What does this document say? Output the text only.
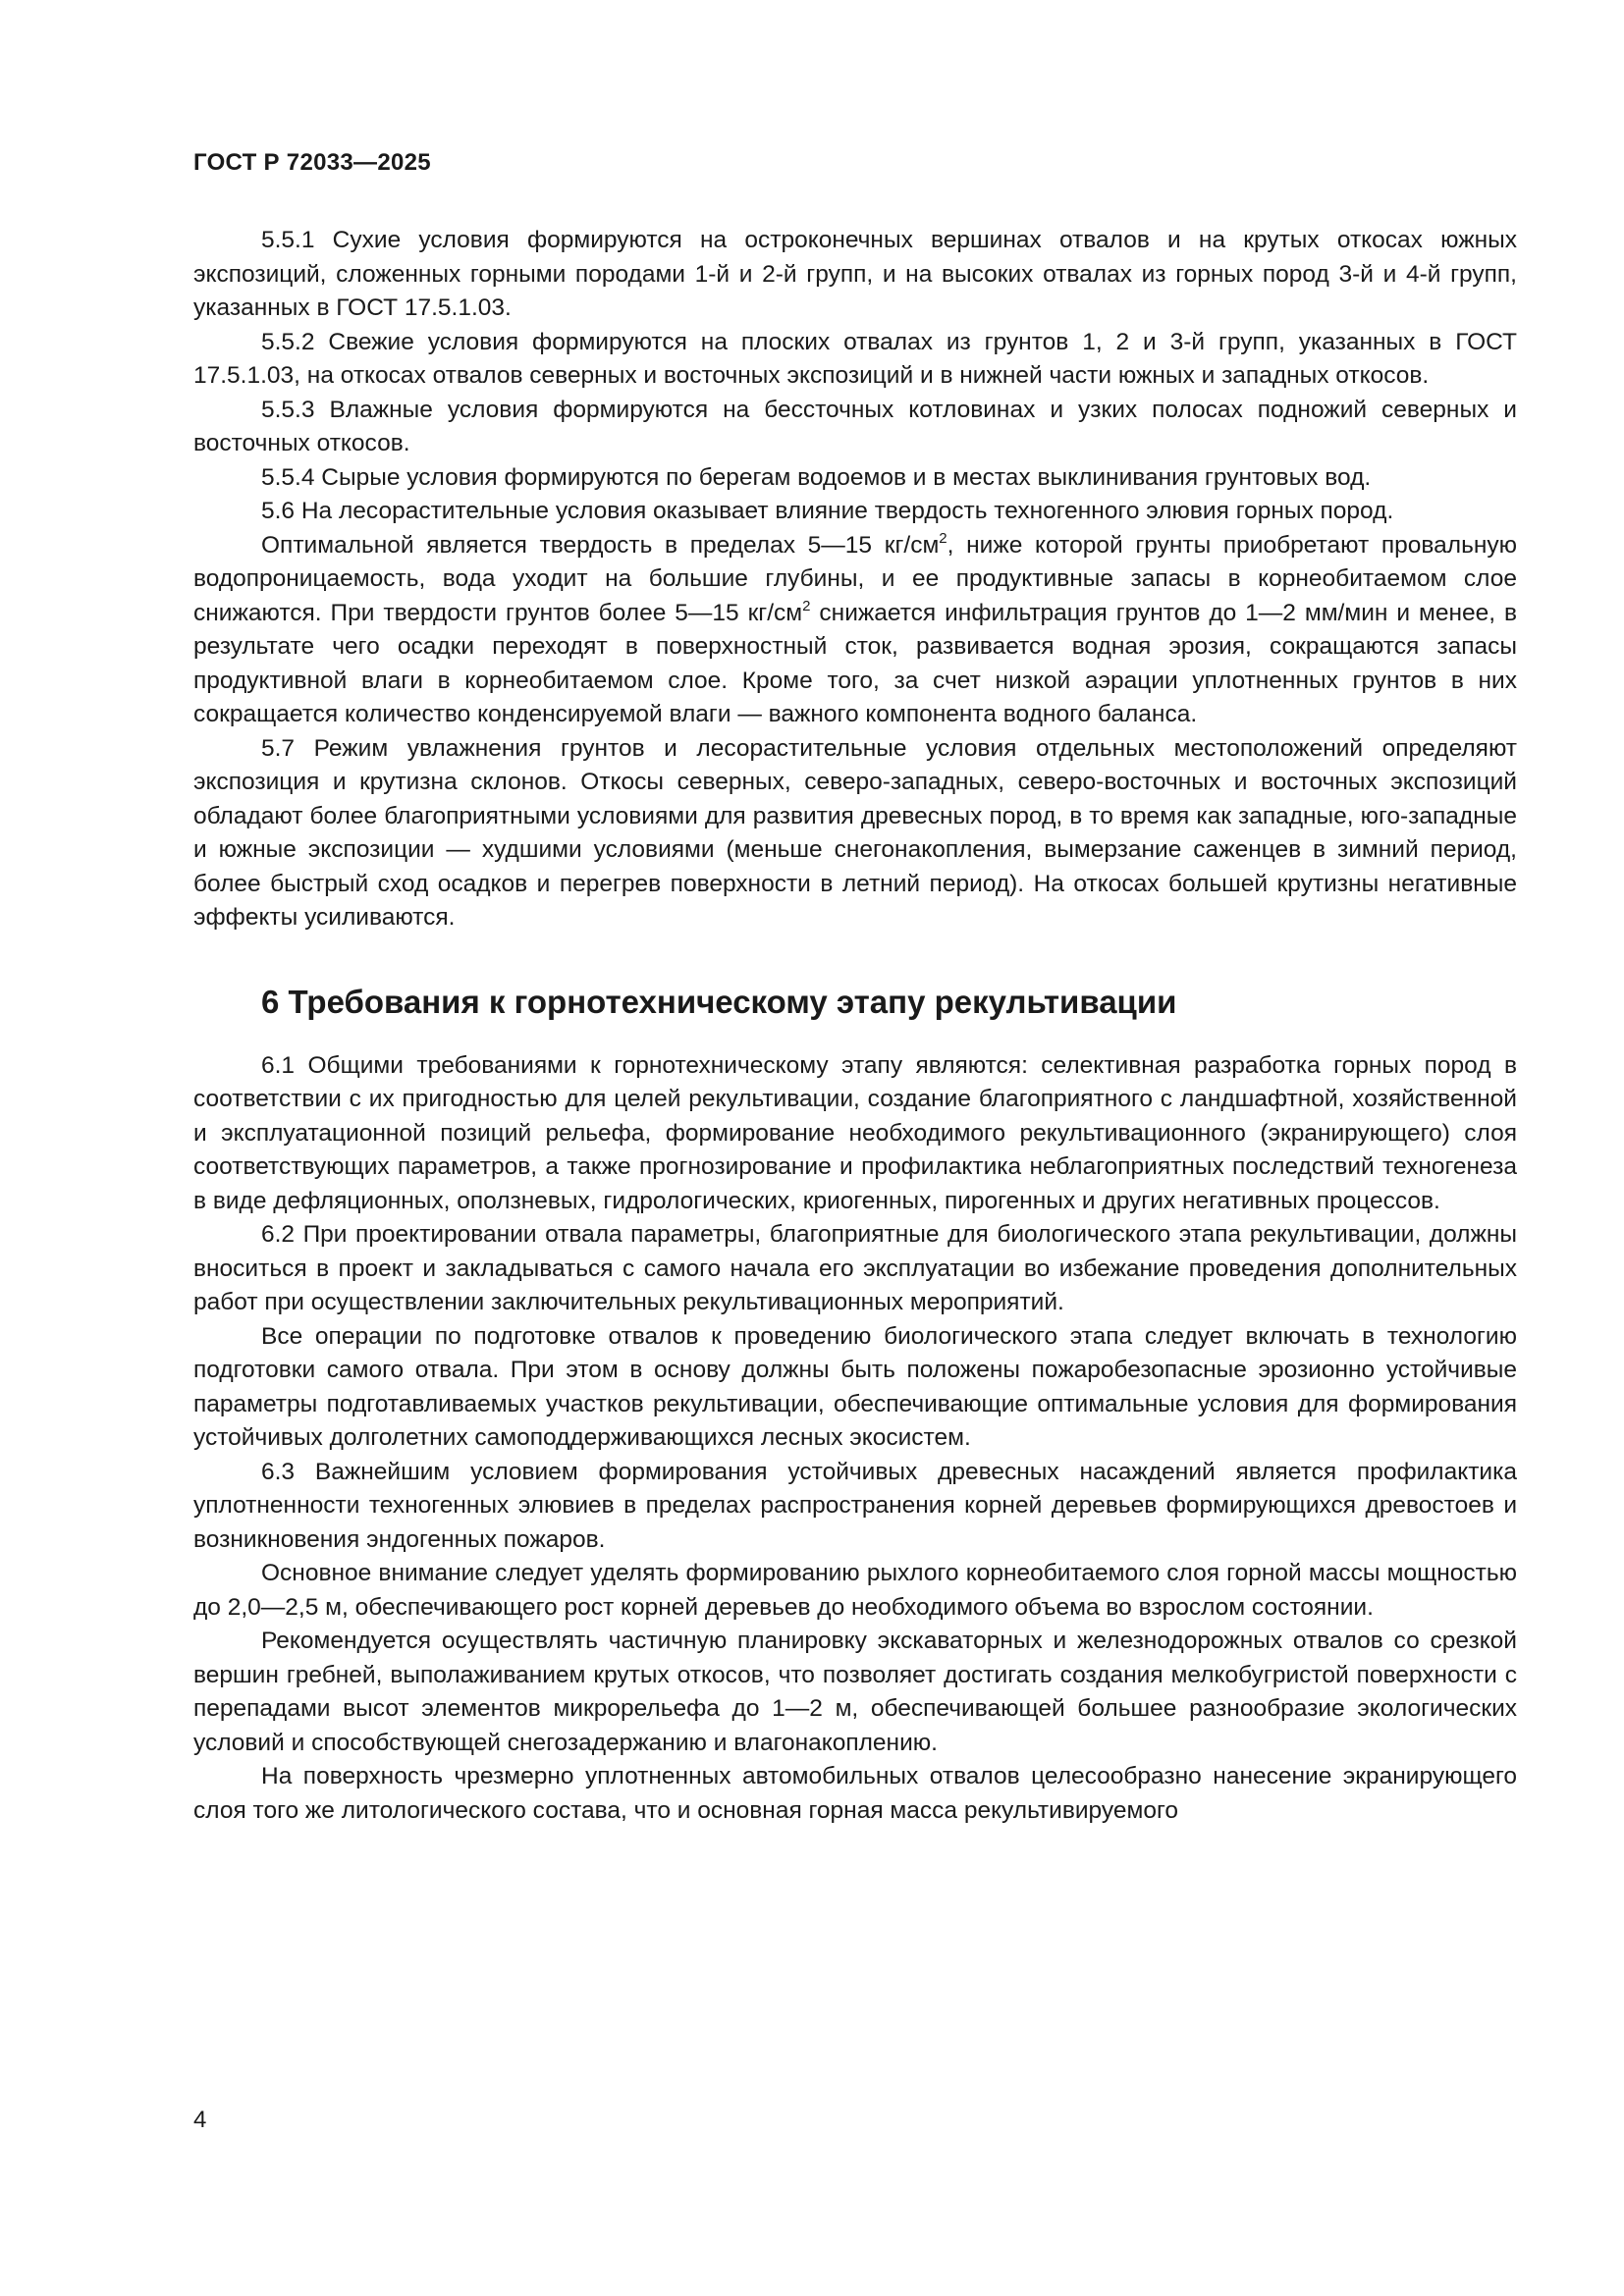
ГОСТ Р 72033—2025

5.5.1 Сухие условия формируются на остроконечных вершинах отвалов и на крутых откосах южных экспозиций, сложенных горными породами 1-й и 2-й групп, и на высоких отвалах из горных пород 3-й и 4-й групп, указанных в ГОСТ 17.5.1.03.

5.5.2 Свежие условия формируются на плоских отвалах из грунтов 1, 2 и 3-й групп, указанных в ГОСТ 17.5.1.03, на откосах отвалов северных и восточных экспозиций и в нижней части южных и западных откосов.

5.5.3 Влажные условия формируются на бессточных котловинах и узких полосах подножий северных и восточных откосов.

5.5.4 Сырые условия формируются по берегам водоемов и в местах выклинивания грунтовых вод.

5.6 На лесорастительные условия оказывает влияние твердость техногенного элювия горных пород.

Оптимальной является твердость в пределах 5—15 $кг/см^2$, ниже которой грунты приобретают провальную водопроницаемость, вода уходит на большие глубины, и ее продуктивные запасы в корнеобитаемом слое снижаются. При твердости грунтов более 5—15 $кг/см^2$ снижается инфильтрация грунтов до 1—2 мм/мин и менее, в результате чего осадки переходят в поверхностный сток, развивается водная эрозия, сокращаются запасы продуктивной влаги в корнеобитаемом слое. Кроме того, за счет низкой аэрации уплотненных грунтов в них сокращается количество конденсируемой влаги — важного компонента водного баланса.

5.7 Режим увлажнения грунтов и лесорастительные условия отдельных местоположений определяют экспозиция и крутизна склонов. Откосы северных, северо-западных, северо-восточных и восточных экспозиций обладают более благоприятными условиями для развития древесных пород, в то время как западные, юго-западные и южные экспозиции — худшими условиями (меньше снегонакопления, вымерзание саженцев в зимний период, более быстрый сход осадков и перегрев поверхности в летний период). На откосах большей крутизны негативные эффекты усиливаются.

6 Требования к горнотехническому этапу рекультивации

6.1 Общими требованиями к горнотехническому этапу являются: селективная разработка горных пород в соответствии с их пригодностью для целей рекультивации, создание благоприятного с ландшафтной, хозяйственной и эксплуатационной позиций рельефа, формирование необходимого рекультивационного (экранирующего) слоя соответствующих параметров, а также прогнозирование и профилактика неблагоприятных последствий техногенеза в виде дефляционных, оползневых, гидрологических, криогенных, пирогенных и других негативных процессов.

6.2 При проектировании отвала параметры, благоприятные для биологического этапа рекультивации, должны вноситься в проект и закладываться с самого начала его эксплуатации во избежание проведения дополнительных работ при осуществлении заключительных рекультивационных мероприятий.

Все операции по подготовке отвалов к проведению биологического этапа следует включать в технологию подготовки самого отвала. При этом в основу должны быть положены пожаробезопасные эрозионно устойчивые параметры подготавливаемых участков рекультивации, обеспечивающие оптимальные условия для формирования устойчивых долголетних самоподдерживающихся лесных экосистем.

6.3 Важнейшим условием формирования устойчивых древесных насаждений является профилактика уплотненности техногенных элювиев в пределах распространения корней деревьев формирующихся древостоев и возникновения эндогенных пожаров.

Основное внимание следует уделять формированию рыхлого корнеобитаемого слоя горной массы мощностью до 2,0—2,5 м, обеспечивающего рост корней деревьев до необходимого объема во взрослом состоянии.

Рекомендуется осуществлять частичную планировку экскаваторных и железнодорожных отвалов со срезкой вершин гребней, выполаживанием крутых откосов, что позволяет достигать создания мелкобугристой поверхности с перепадами высот элементов микрорельефа до 1—2 м, обеспечивающей большее разнообразие экологических условий и способствующей снегозадержанию и влагонакоплению.

На поверхность чрезмерно уплотненных автомобильных отвалов целесообразно нанесение экранирующего слоя того же литологического состава, что и основная горная масса рекультивируемого

4
